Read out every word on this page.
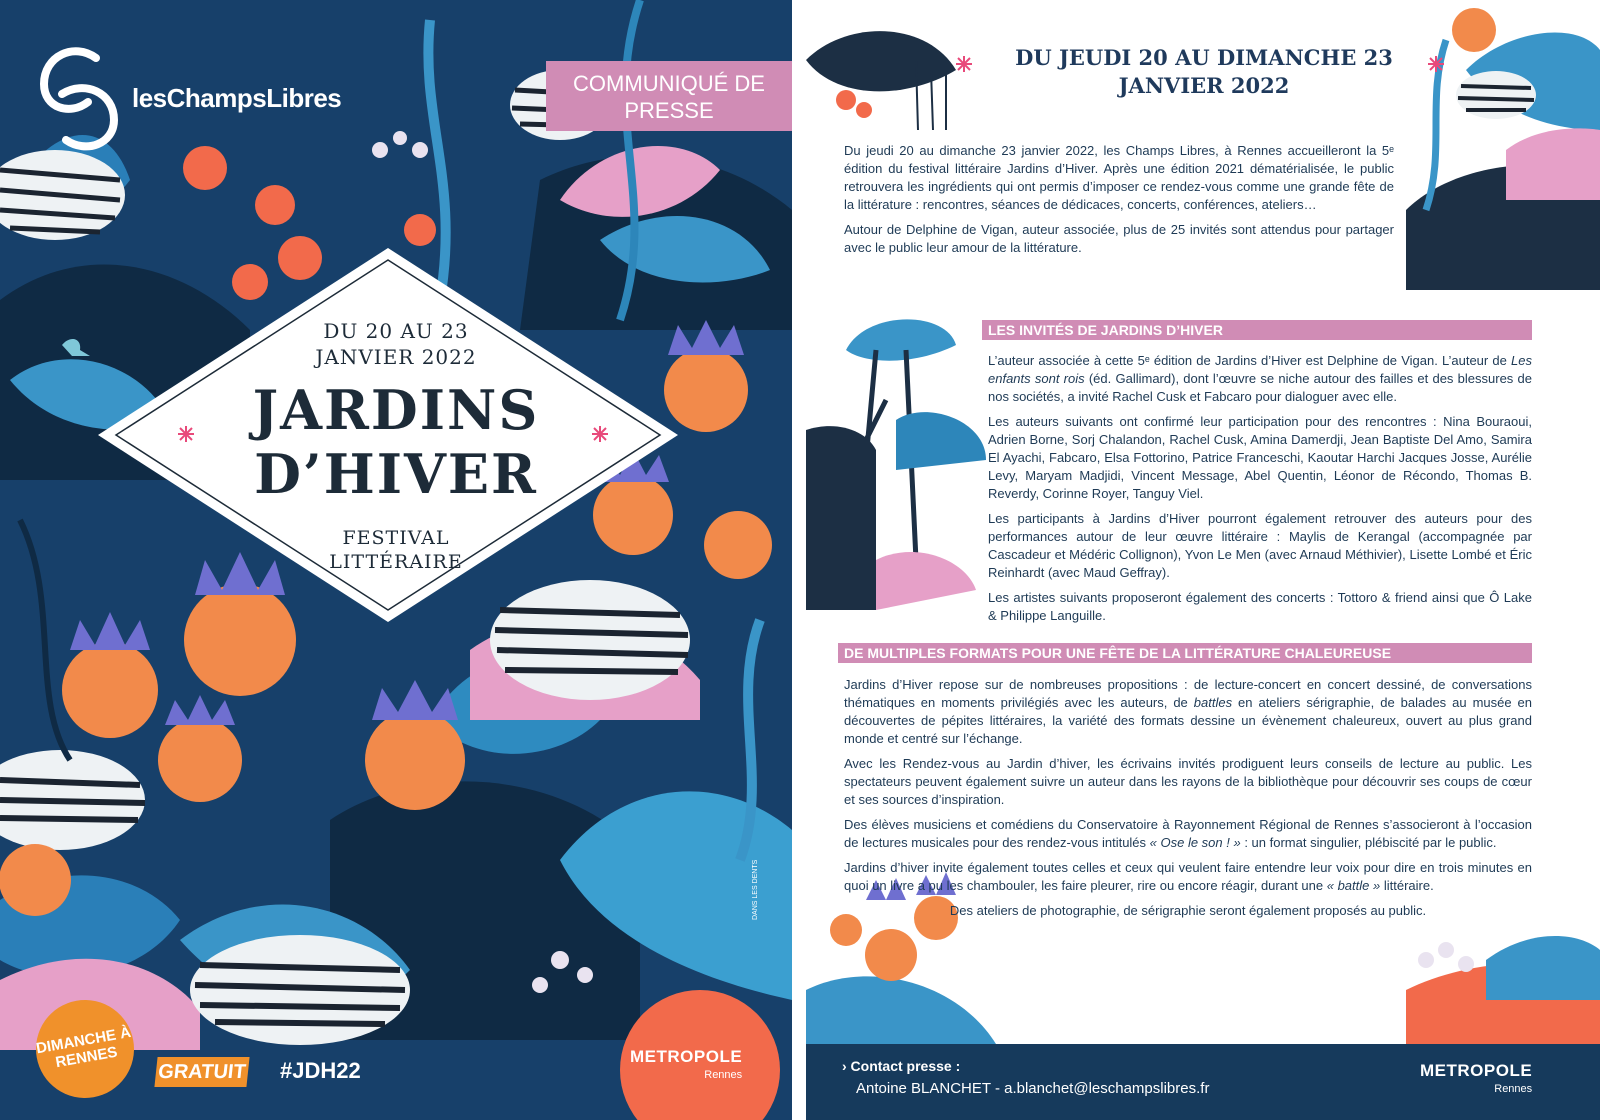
lesChampsLibres	COMMUNIQUÉ DE PRESSE
DU 20 AU 23
JANVIER 2022
JARDINS
D’HIVER
FESTIVAL
LITTÉRAIRE
DANS LES DENTS
DIMANCHE À RENNES
GRATUIT #JDH22
METROPOLE
Rennes
DU JEUDI 20 AU DIMANCHE 23 JANVIER 2022

Du jeudi 20 au dimanche 23 janvier 2022, les Champs Libres, à Rennes accueilleront la 5ᵉ édition du festival littéraire Jardins d’Hiver. Après une édition 2021 dématérialisée, le public retrouvera les ingrédients qui ont permis d’imposer ce rendez-vous comme une grande fête de la littérature : rencontres, séances de dédicaces, concerts, conférences, ateliers…

Autour de Delphine de Vigan, auteur associée, plus de 25 invités sont attendus pour partager avec le public leur amour de la littérature.

LES INVITÉS DE JARDINS D’HIVER

L’auteur associée à cette 5ᵉ édition de Jardins d’Hiver est Delphine de Vigan. L’auteur de Les enfants sont rois (éd. Gallimard), dont l’œuvre se niche autour des failles et des blessures de nos sociétés, a invité Rachel Cusk et Fabcaro pour dialoguer avec elle.

Les auteurs suivants ont confirmé leur participation pour des rencontres : Nina Bouraoui, Adrien Borne, Sorj Chalandon, Rachel Cusk, Amina Damerdji, Jean Baptiste Del Amo, Samira El Ayachi, Fabcaro, Elsa Fottorino, Patrice Franceschi, Kaoutar Harchi Jacques Josse, Aurélie Levy, Maryam Madjidi, Vincent Message, Abel Quentin, Léonor de Récondo, Thomas B. Reverdy, Corinne Royer, Tanguy Viel.

Les participants à Jardins d’Hiver pourront également retrouver des auteurs pour des performances autour de leur œuvre littéraire : Maylis de Kerangal (accompagnée par Cascadeur et Médéric Collignon), Yvon Le Men (avec Arnaud Méthivier), Lisette Lombé et Éric Reinhardt (avec Maud Geffray).

Les artistes suivants proposeront également des concerts : Tottoro & friend ainsi que Ô Lake & Philippe Languille.

DE MULTIPLES FORMATS POUR UNE FÊTE DE LA LITTÉRATURE CHALEUREUSE

Jardins d’Hiver repose sur de nombreuses propositions : de lecture-concert en concert dessiné, de conversations thématiques en moments privilégiés avec les auteurs, de battles en ateliers sérigraphie, de balades au musée en découvertes de pépites littéraires, la variété des formats dessine un évènement chaleureux, ouvert au plus grand monde et centré sur l’échange.

Avec les Rendez-vous au Jardin d’hiver, les écrivains invités prodiguent leurs conseils de lecture au public. Les spectateurs peuvent également suivre un auteur dans les rayons de la bibliothèque pour découvrir ses coups de cœur et ses sources d’inspiration.

Des élèves musiciens et comédiens du Conservatoire à Rayonnement Régional de Rennes s’associeront à l’occasion de lectures musicales pour des rendez-vous intitulés « Ose le son ! » : un format singulier, plébiscité par le public.

Jardins d’hiver invite également toutes celles et ceux qui veulent faire entendre leur voix pour dire en trois minutes en quoi un livre a pu les chambouler, les faire pleurer, rire ou encore réagir, durant une « battle » littéraire.

Des ateliers de photographie, de sérigraphie seront également proposés au public.

› Contact presse :
Antoine BLANCHET - a.blanchet@leschampslibres.fr
METROPOLE
Rennes
